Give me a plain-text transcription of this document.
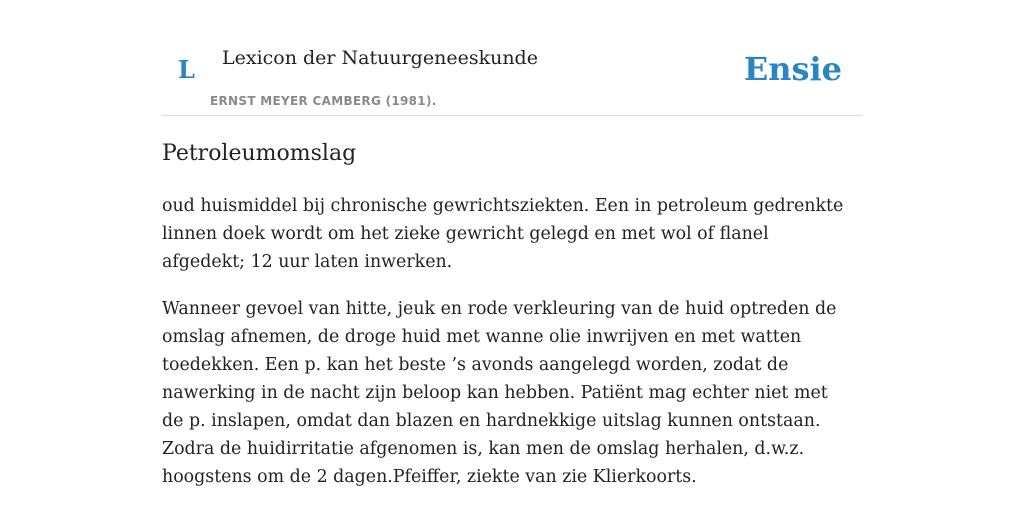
L Lexicon der Natuurgeneeskunde
ERNST MEYER CAMBERG (1981).
Ensie
Petroleumomslag

oud huismiddel bij chronische gewrichtsziekten. Een in petroleum gedrenkte linnen doek wordt om het zieke gewricht gelegd en met wol of flanel afgedekt; 12 uur laten inwerken.

Wanneer gevoel van hitte, jeuk en rode verkleuring van de huid optreden de omslag afnemen, de droge huid met wanne olie inwrijven en met watten toedekken. Een p. kan het beste ’s avonds aangelegd worden, zodat de nawerking in de nacht zijn beloop kan hebben. Patiënt mag echter niet met de p. inslapen, omdat dan blazen en hardnekkige uitslag kunnen ontstaan. Zodra de huidirritatie afgenomen is, kan men de omslag herhalen, d.w.z. hoogstens om de 2 dagen.Pfeiffer, ziekte van zie Klierkoorts.
